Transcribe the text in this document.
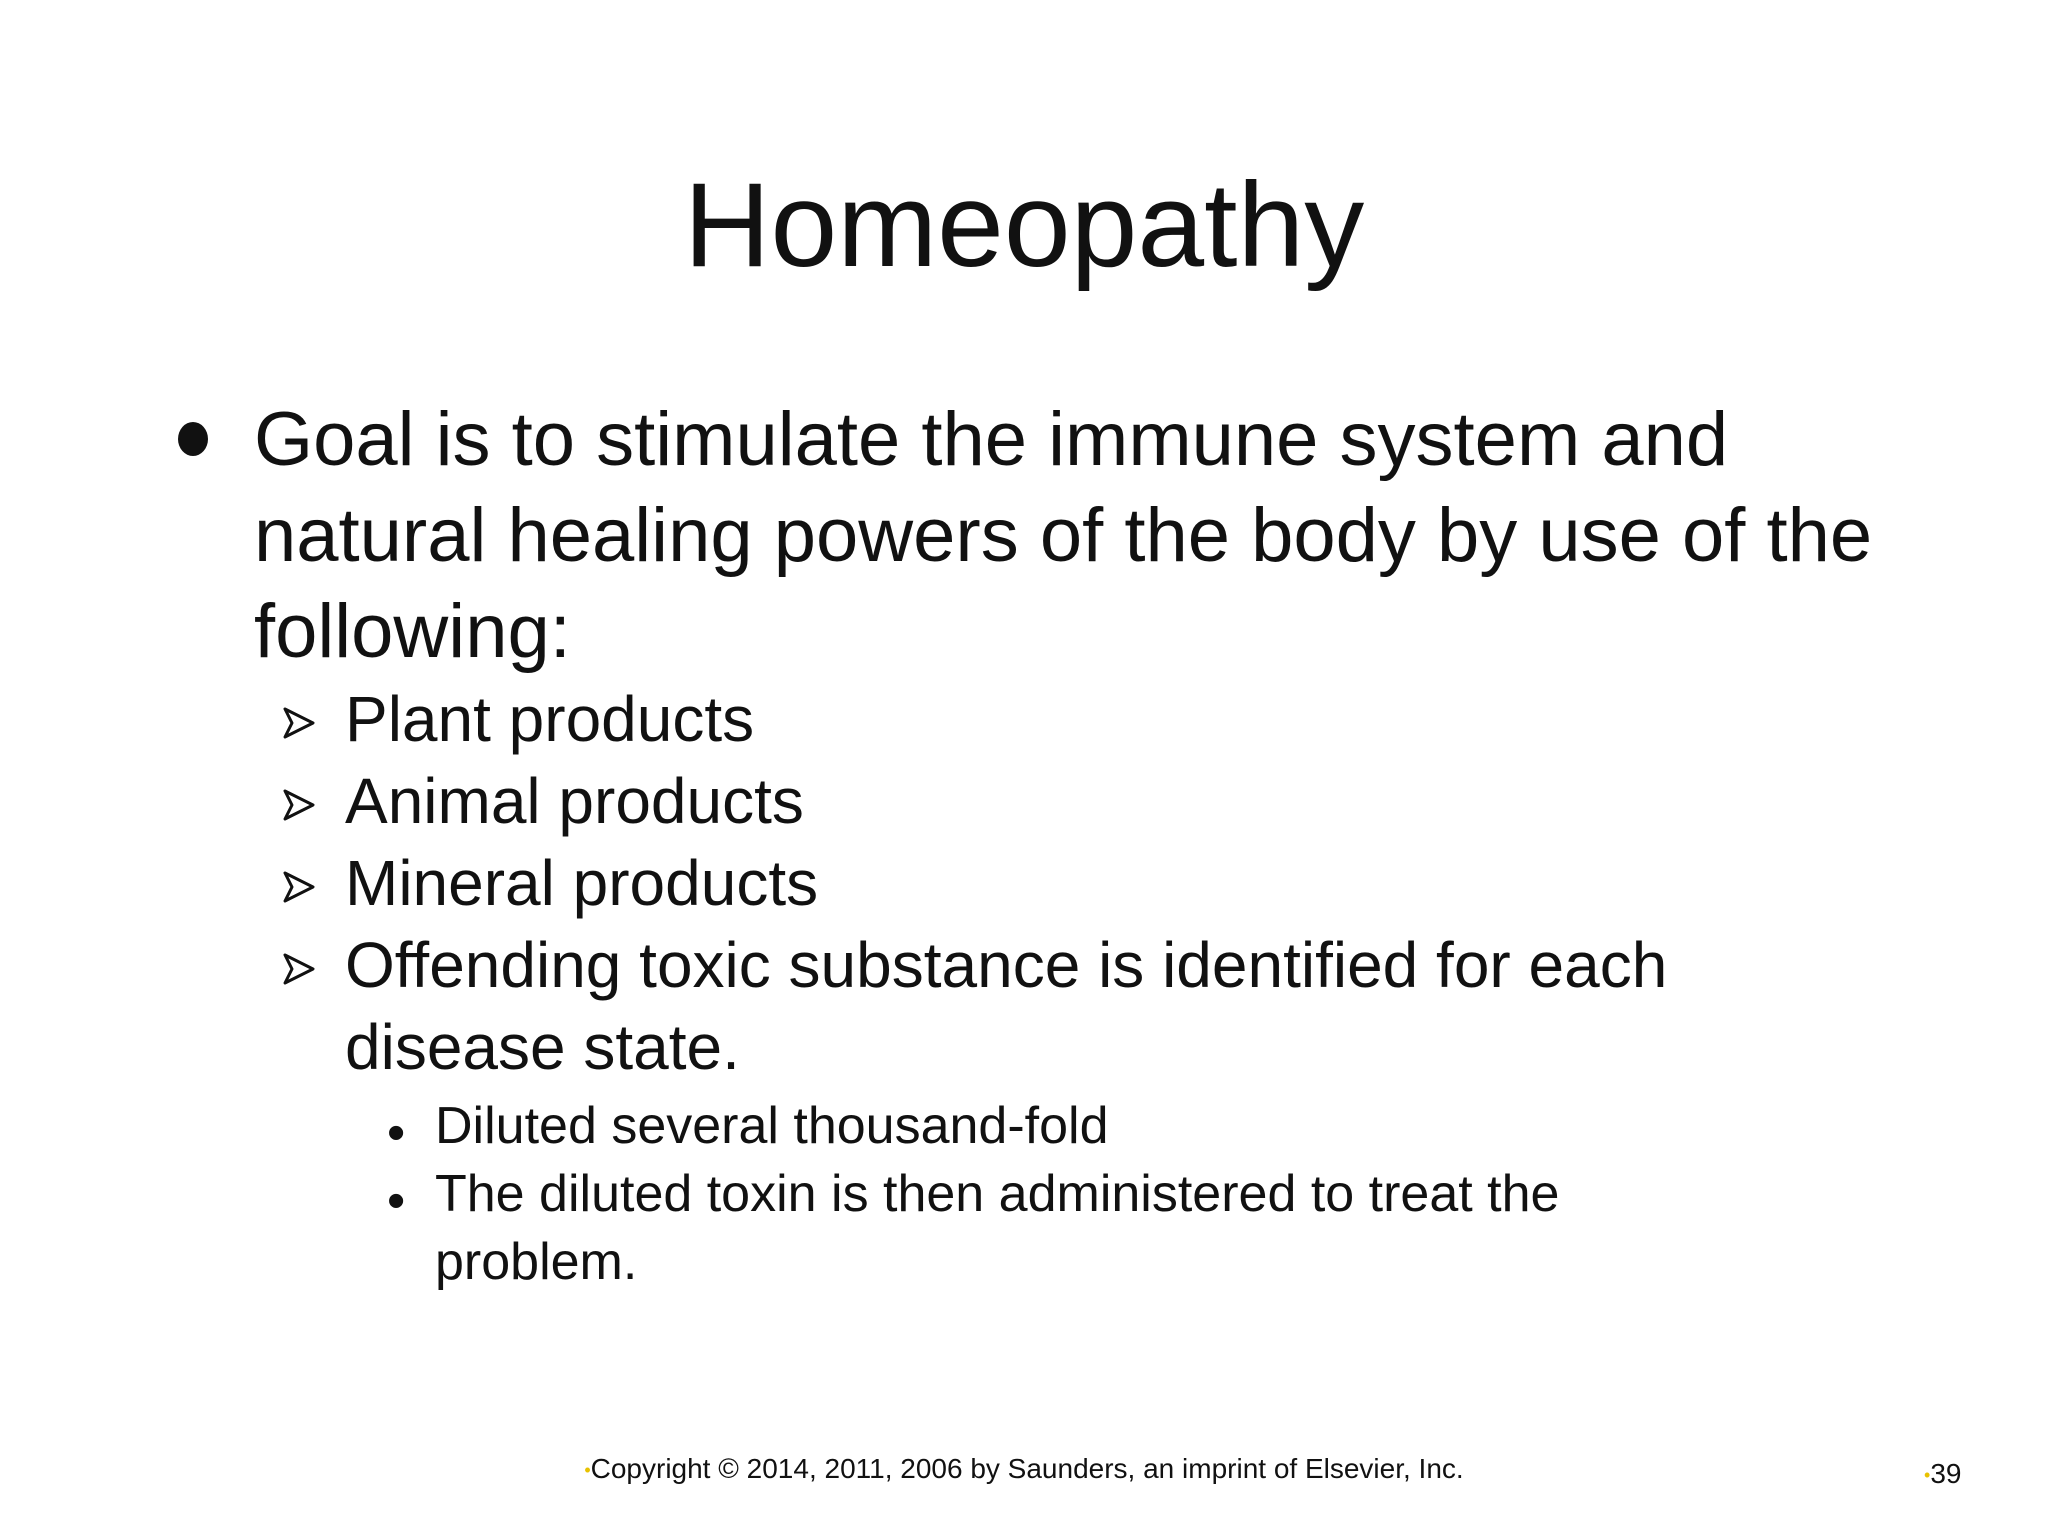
Homeopathy
Goal is to stimulate the immune system and natural healing powers of the body by use of the following:
Plant products
Animal products
Mineral products
Offending toxic substance is identified for each disease state.
• Diluted several thousand-fold
• The diluted toxin is then administered to treat the problem.
•Copyright © 2014, 2011, 2006 by Saunders, an imprint of Elsevier, Inc.	•39
